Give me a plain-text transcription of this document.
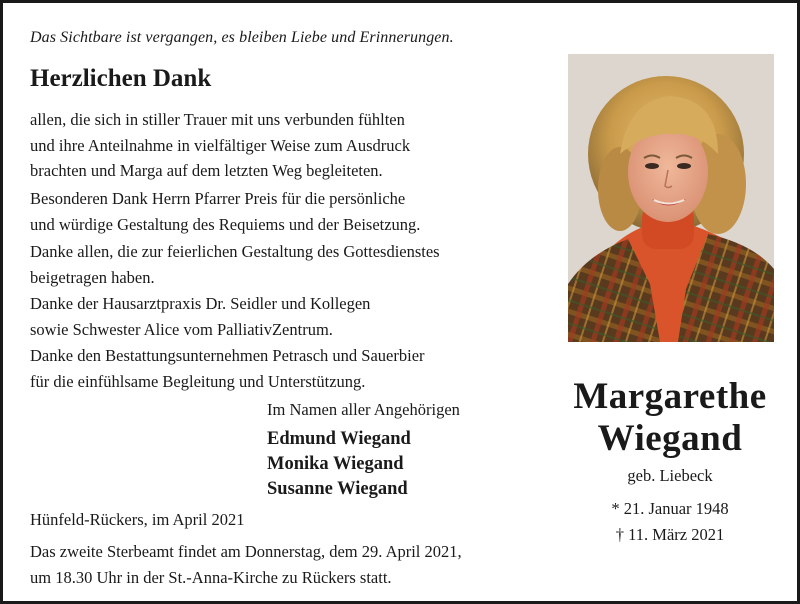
Das Sichtbare ist vergangen, es bleiben Liebe und Erinnerungen.
Herzlichen Dank
allen, die sich in stiller Trauer mit uns verbunden fühlten
und ihre Anteilnahme in vielfältiger Weise zum Ausdruck
brachten und Marga auf dem letzten Weg begleiteten.
Besonderen Dank Herrn Pfarrer Preis für die persönliche
und würdige Gestaltung des Requiems und der Beisetzung.
Danke allen, die zur feierlichen Gestaltung des Gottesdienstes
beigetragen haben.
Danke der Hausarztpraxis Dr. Seidler und Kollegen
sowie Schwester Alice vom PalliativZentrum.
Danke den Bestattungsunternehmen Petrasch und Sauerbier
für die einfühlsame Begleitung und Unterstützung.
Im Namen aller Angehörigen
Edmund Wiegand
Monika Wiegand
Susanne Wiegand
Hünfeld-Rückers, im April 2021
Das zweite Sterbeamt findet am Donnerstag, dem 29. April 2021,
um 18.30 Uhr in der St.-Anna-Kirche zu Rückers statt.
Margarethe
Wiegand
geb. Liebeck
* 21. Januar 1948
† 11. März 2021
